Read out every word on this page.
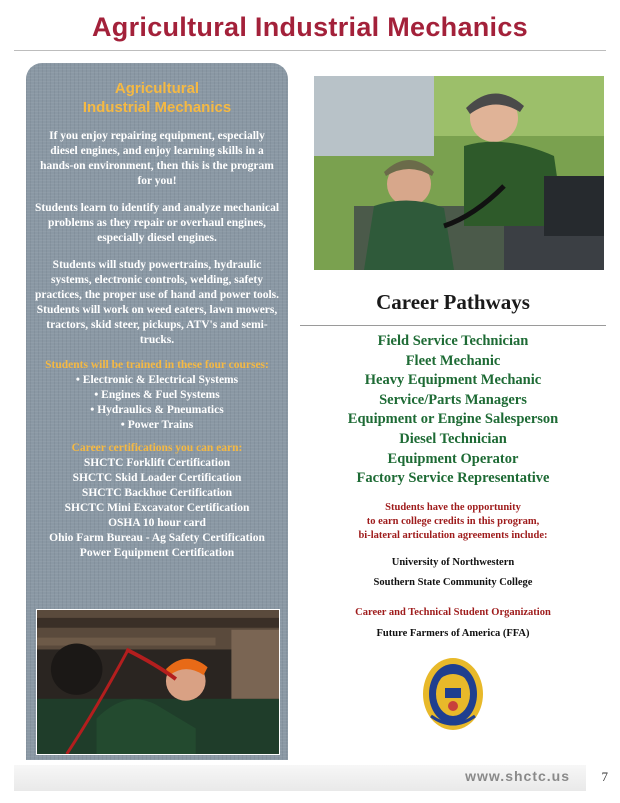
Agricultural Industrial Mechanics
Agricultural
Industrial Mechanics

If you enjoy repairing equipment, especially diesel engines, and enjoy learning skills in a hands-on environment, then this is the program for you!

Students learn to identify and analyze mechanical problems as they repair or overhaul engines, especially diesel engines.

Students will study powertrains, hydraulic systems, electronic controls, welding, safety practices, the proper use of hand and power tools. Students will work on weed eaters, lawn mowers, tractors, skid steer, pickups, ATV's and semi-trucks.

Students will be trained in these four courses:

• Electronic & Electrical Systems
• Engines & Fuel Systems
• Hydraulics & Pneumatics
• Power Trains

Career certifications you can earn:

SHCTC Forklift Certification
SHCTC Skid Loader Certification
SHCTC Backhoe Certification
SHCTC Mini Excavator Certification
OSHA 10 hour card
Ohio Farm Bureau - Ag Safety Certification
Power Equipment Certification
Career Pathways
Field Service Technician
Fleet Mechanic
Heavy Equipment Mechanic
Service/Parts Managers
Equipment or Engine Salesperson
Diesel Technician
Equipment Operator
Factory Service Representative
Students have the opportunity
to earn college credits in this program,
bi-lateral articulation agreements include:

University of Northwestern

Southern State Community College

Career and Technical Student Organization

Future Farmers of America (FFA)

www.shctc.us 7
